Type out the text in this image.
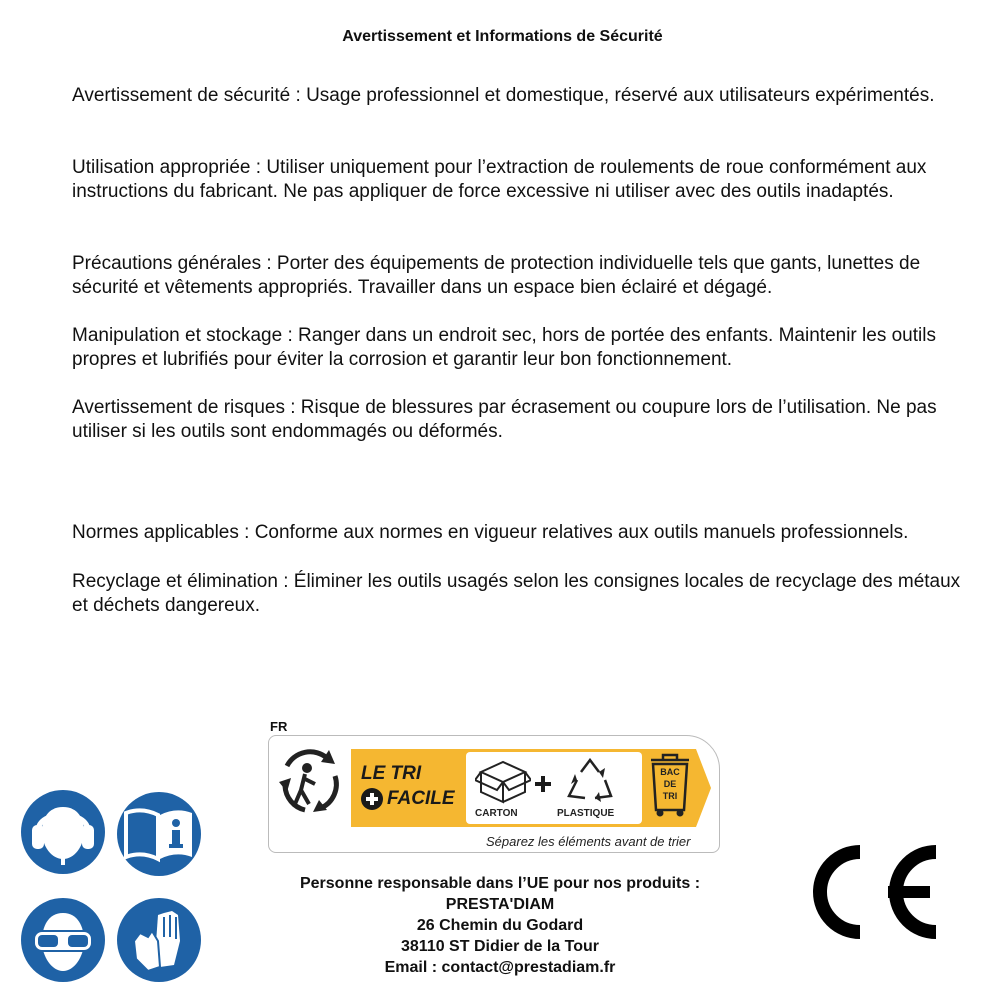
Avertissement et Informations de Sécurité

Avertissement de sécurité : Usage professionnel et domestique, réservé aux utilisateurs expérimentés.

Utilisation appropriée : Utiliser uniquement pour l’extraction de roulements de roue conformément aux instructions du fabricant. Ne pas appliquer de force excessive ni utiliser avec des outils inadaptés.

Précautions générales : Porter des équipements de protection individuelle tels que gants, lunettes de sécurité et vêtements appropriés. Travailler dans un espace bien éclairé et dégagé.

Manipulation et stockage : Ranger dans un endroit sec, hors de portée des enfants. Maintenir les outils propres et lubrifiés pour éviter la corrosion et garantir leur bon fonctionnement.

Avertissement de risques : Risque de blessures par écrasement ou coupure lors de l’utilisation. Ne pas utiliser si les outils sont endommagés ou déformés.

Normes applicables : Conforme aux normes en vigueur relatives aux outils manuels professionnels.

Recyclage et élimination : Éliminer les outils usagés selon les consignes locales de recyclage des métaux et déchets dangereux.

FR
LE TRI
FACILE
CARTON	PLASTIQUE
BAC
DE
TRI
Séparez les éléments avant de trier
Personne responsable dans l’UE pour nos produits :
PRESTA'DIAM
26 Chemin du Godard
38110 ST Didier de la Tour
Email : contact@prestadiam.fr
